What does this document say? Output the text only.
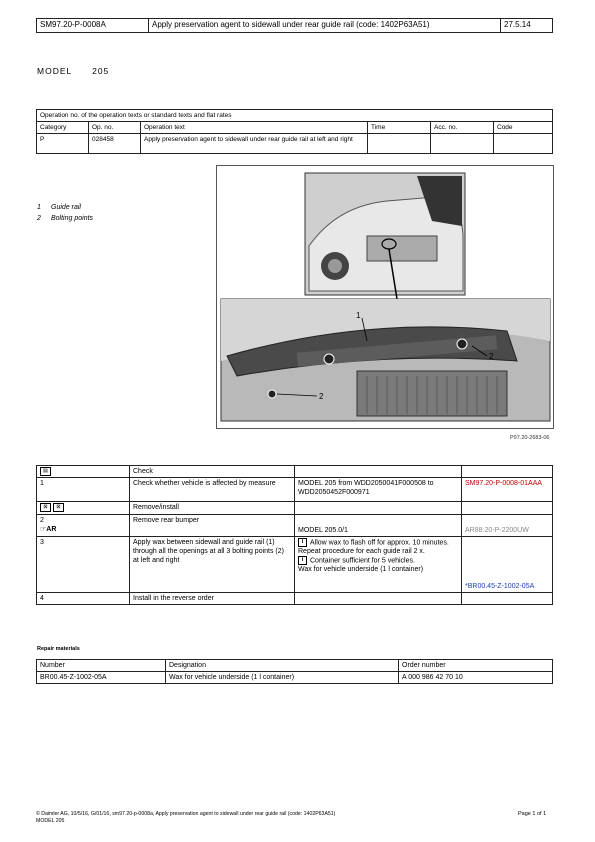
SM97.20-P-0008A	Apply preservation agent to sidewall under rear guide rail (code: 1402P63A51)	27.5.14
MODEL 205
Operation no. of the operation texts or standard texts and flat rates					
Category	Op. no.	Operation text	Time	Acc. no.	Code
P	028458	Apply preservation agent to sidewall under rear guide rail at left and right			
1 Guide rail
2 Bolting points
1
2
2
P97.20-2683-06
▤	Check		
1	Check whether vehicle is affected by measure	MODEL 205 from WDD2050041F000508 to WDD2050452F000971	SM97.20-P-0008-01AAA
⊠ ⊠	Remove/install		

2
☞AR	Remove rear bumper	MODEL 205.0/1	AR88.20-P-2200UW
3	Apply wax between sidewall and guide rail (1) through all the openings at all 3 bolting points (2) at left and right	i Allow wax to flash off for approx. 10 minutes. Repeat procedure for each guide rail 2 x.
i Container sufficient for 5 vehicles.
Wax for vehicle underside (1 l container)	*BR00.45-Z-1002-05A
4	Install in the reverse order		
Repair materials
Number	Designation	Order number
BR00.45-Z-1002-05A	Wax for vehicle underside (1 l container)	A 000 986 42 70 10
© Daimler AG, 10/5/16, G/01/16, sm97.20-p-0008a, Apply preservation agent to sidewall under rear guide rail (code: 1402P63A51)
MODEL 205
Page 1 of 1
